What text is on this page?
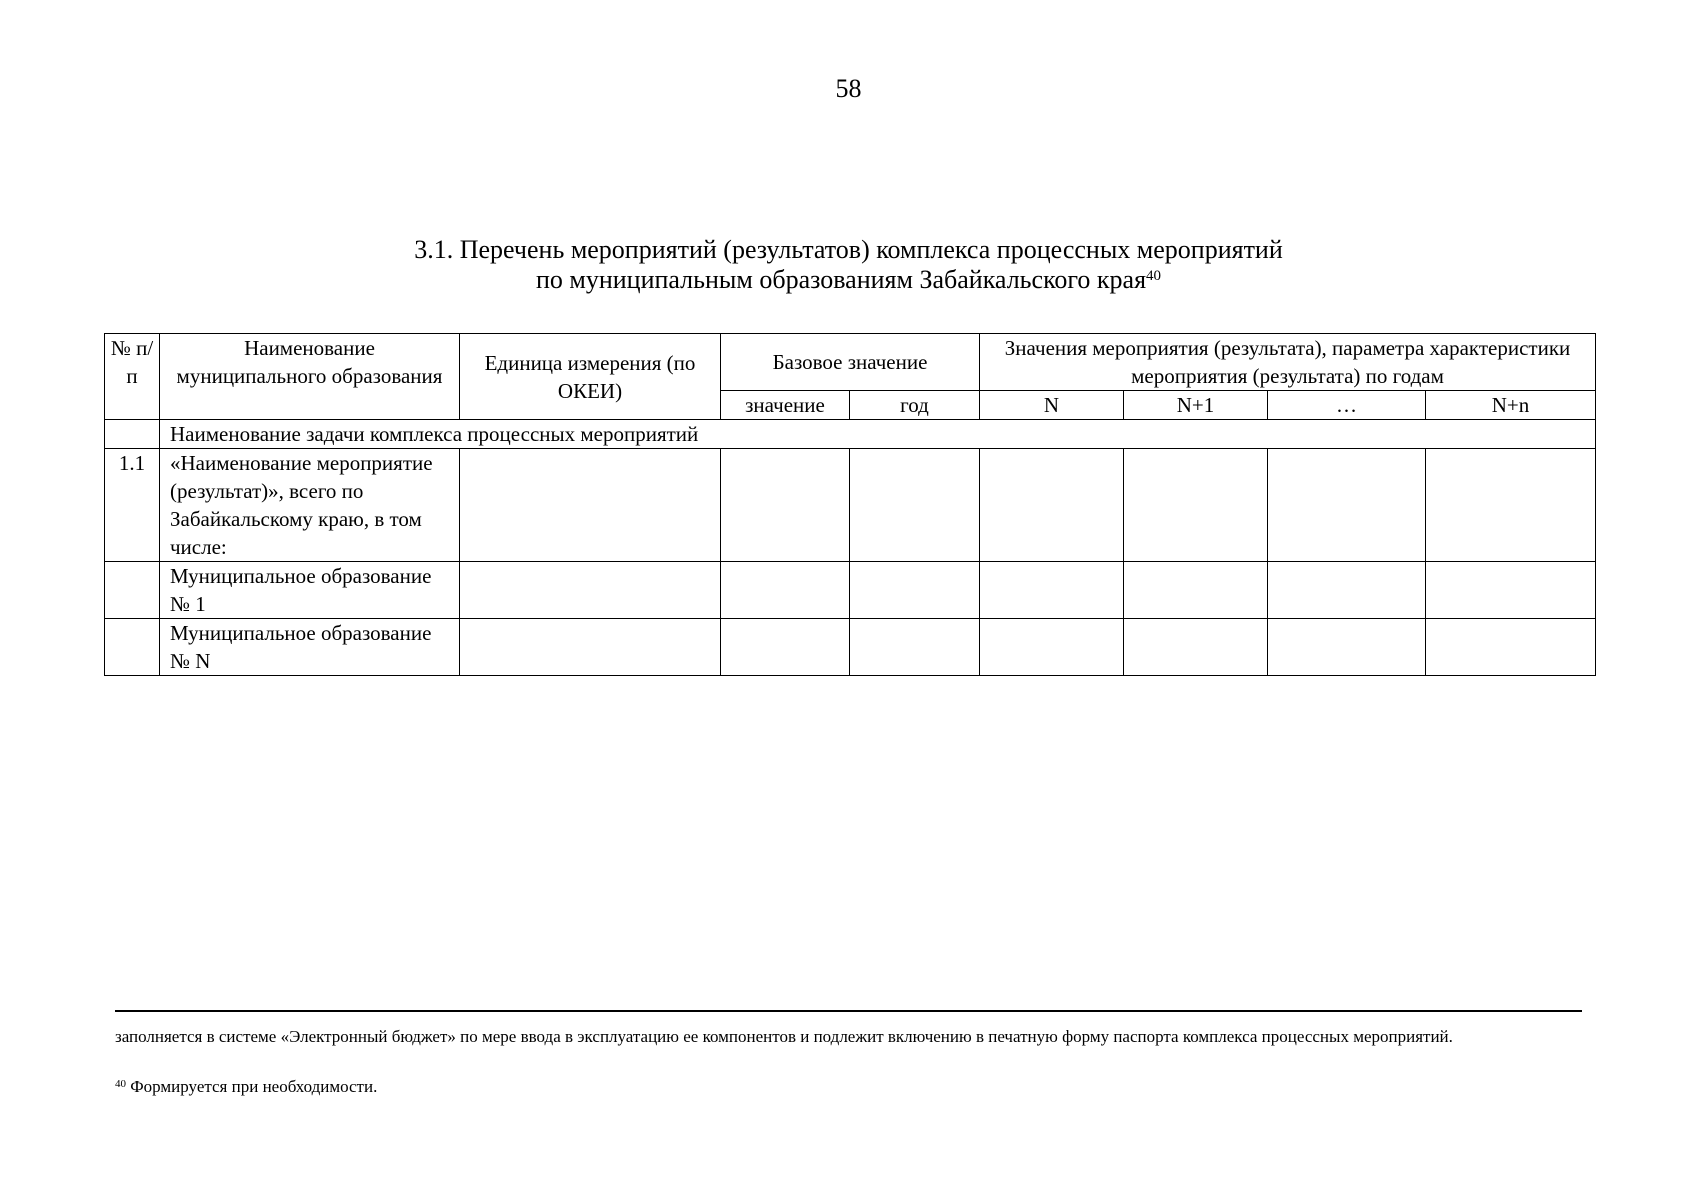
58
3.1. Перечень мероприятий (результатов) комплекса процессных мероприятий
по муниципальным образованиям Забайкальского края$^{40}$
№ п/п	Наименование муниципального образования	Единица измерения (по ОКЕИ)	Базовое значение		Значения мероприятия (результата), параметра характеристики мероприятия (результата) по годам			
			значение	год	N	N+1	…	N+n
	Наименование задачи комплекса процессных мероприятий							
1.1	«Наименование мероприятие (результат)», всего по Забайкальскому краю, в том числе:							
	Муниципальное образование № 1							
	Муниципальное образование № N							
заполняется в системе «Электронный бюджет» по мере ввода в эксплуатацию ее компонентов и подлежит включению в печатную форму паспорта комплекса процессных мероприятий.
$^{40}$ Формируется при необходимости.
